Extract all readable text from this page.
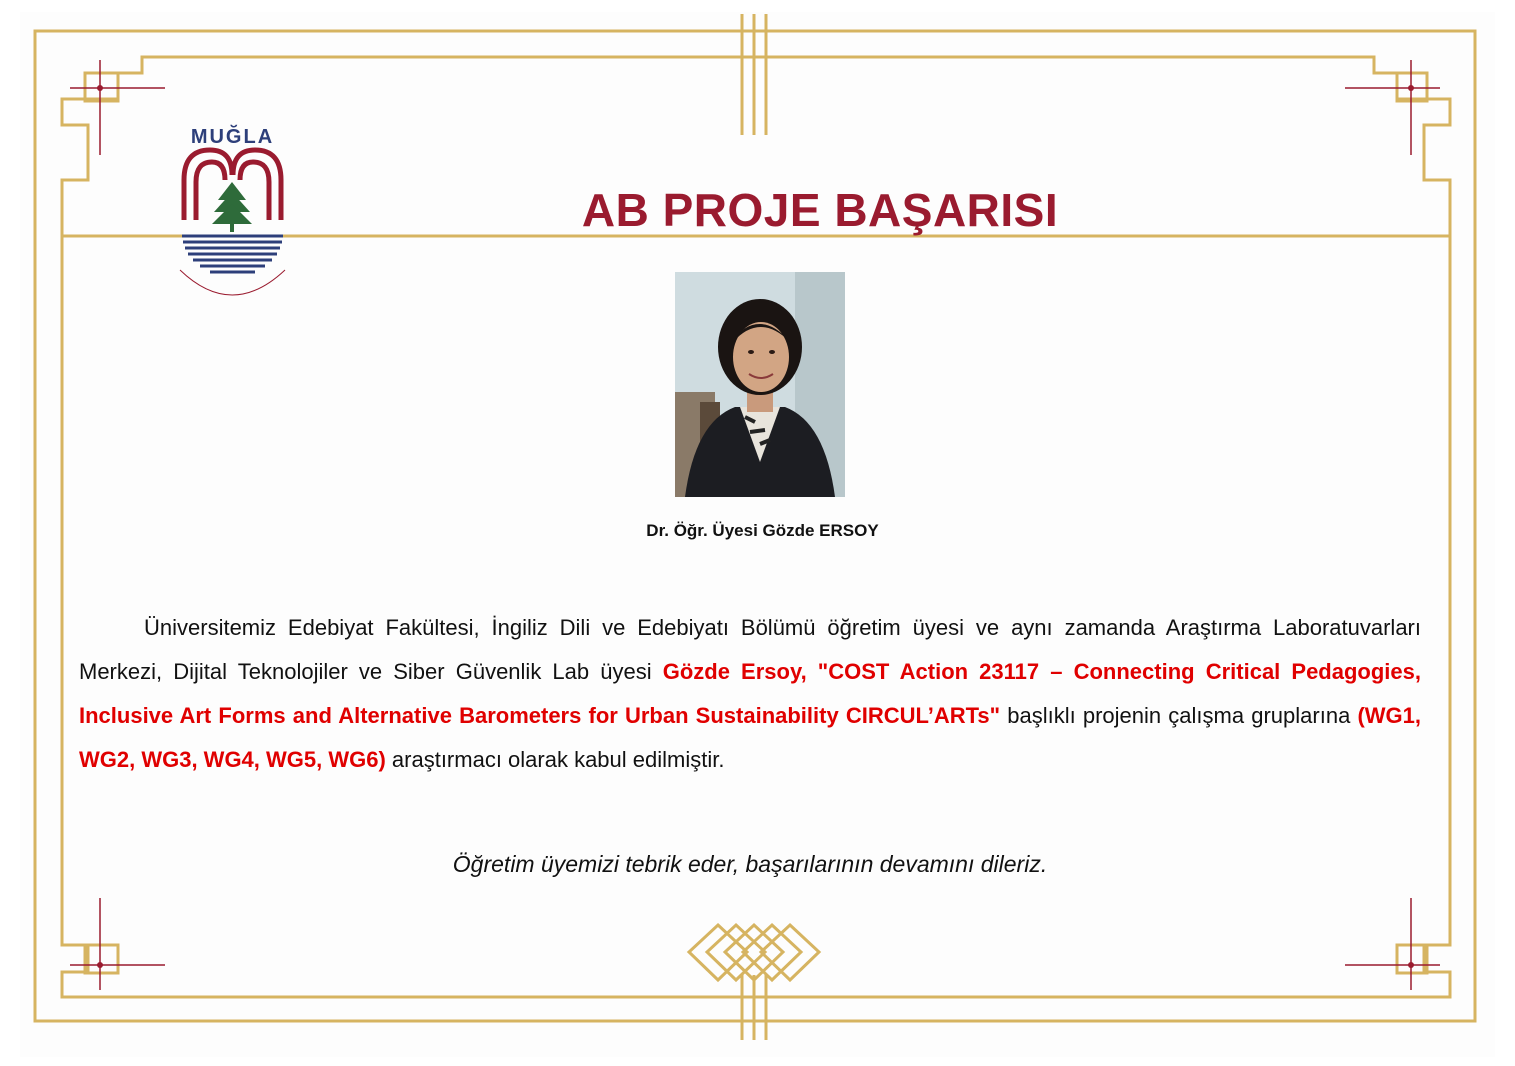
MUĞLA
AB PROJE BAŞARISI
Dr. Öğr. Üyesi Gözde ERSOY
Üniversitemiz Edebiyat Fakültesi, İngiliz Dili ve Edebiyatı Bölümü öğretim üyesi ve aynı zamanda Araştırma Laboratuvarları Merkezi, Dijital Teknolojiler ve Siber Güvenlik Lab üyesi Gözde Ersoy, "COST Action 23117 – Connecting Critical Pedagogies, Inclusive Art Forms and Alternative Barometers for Urban Sustainability CIRCUL’ARTs" başlıklı projenin çalışma gruplarına (WG1, WG2, WG3, WG4, WG5, WG6) araştırmacı olarak kabul edilmiştir.
Öğretim üyemizi tebrik eder, başarılarının devamını dileriz.
